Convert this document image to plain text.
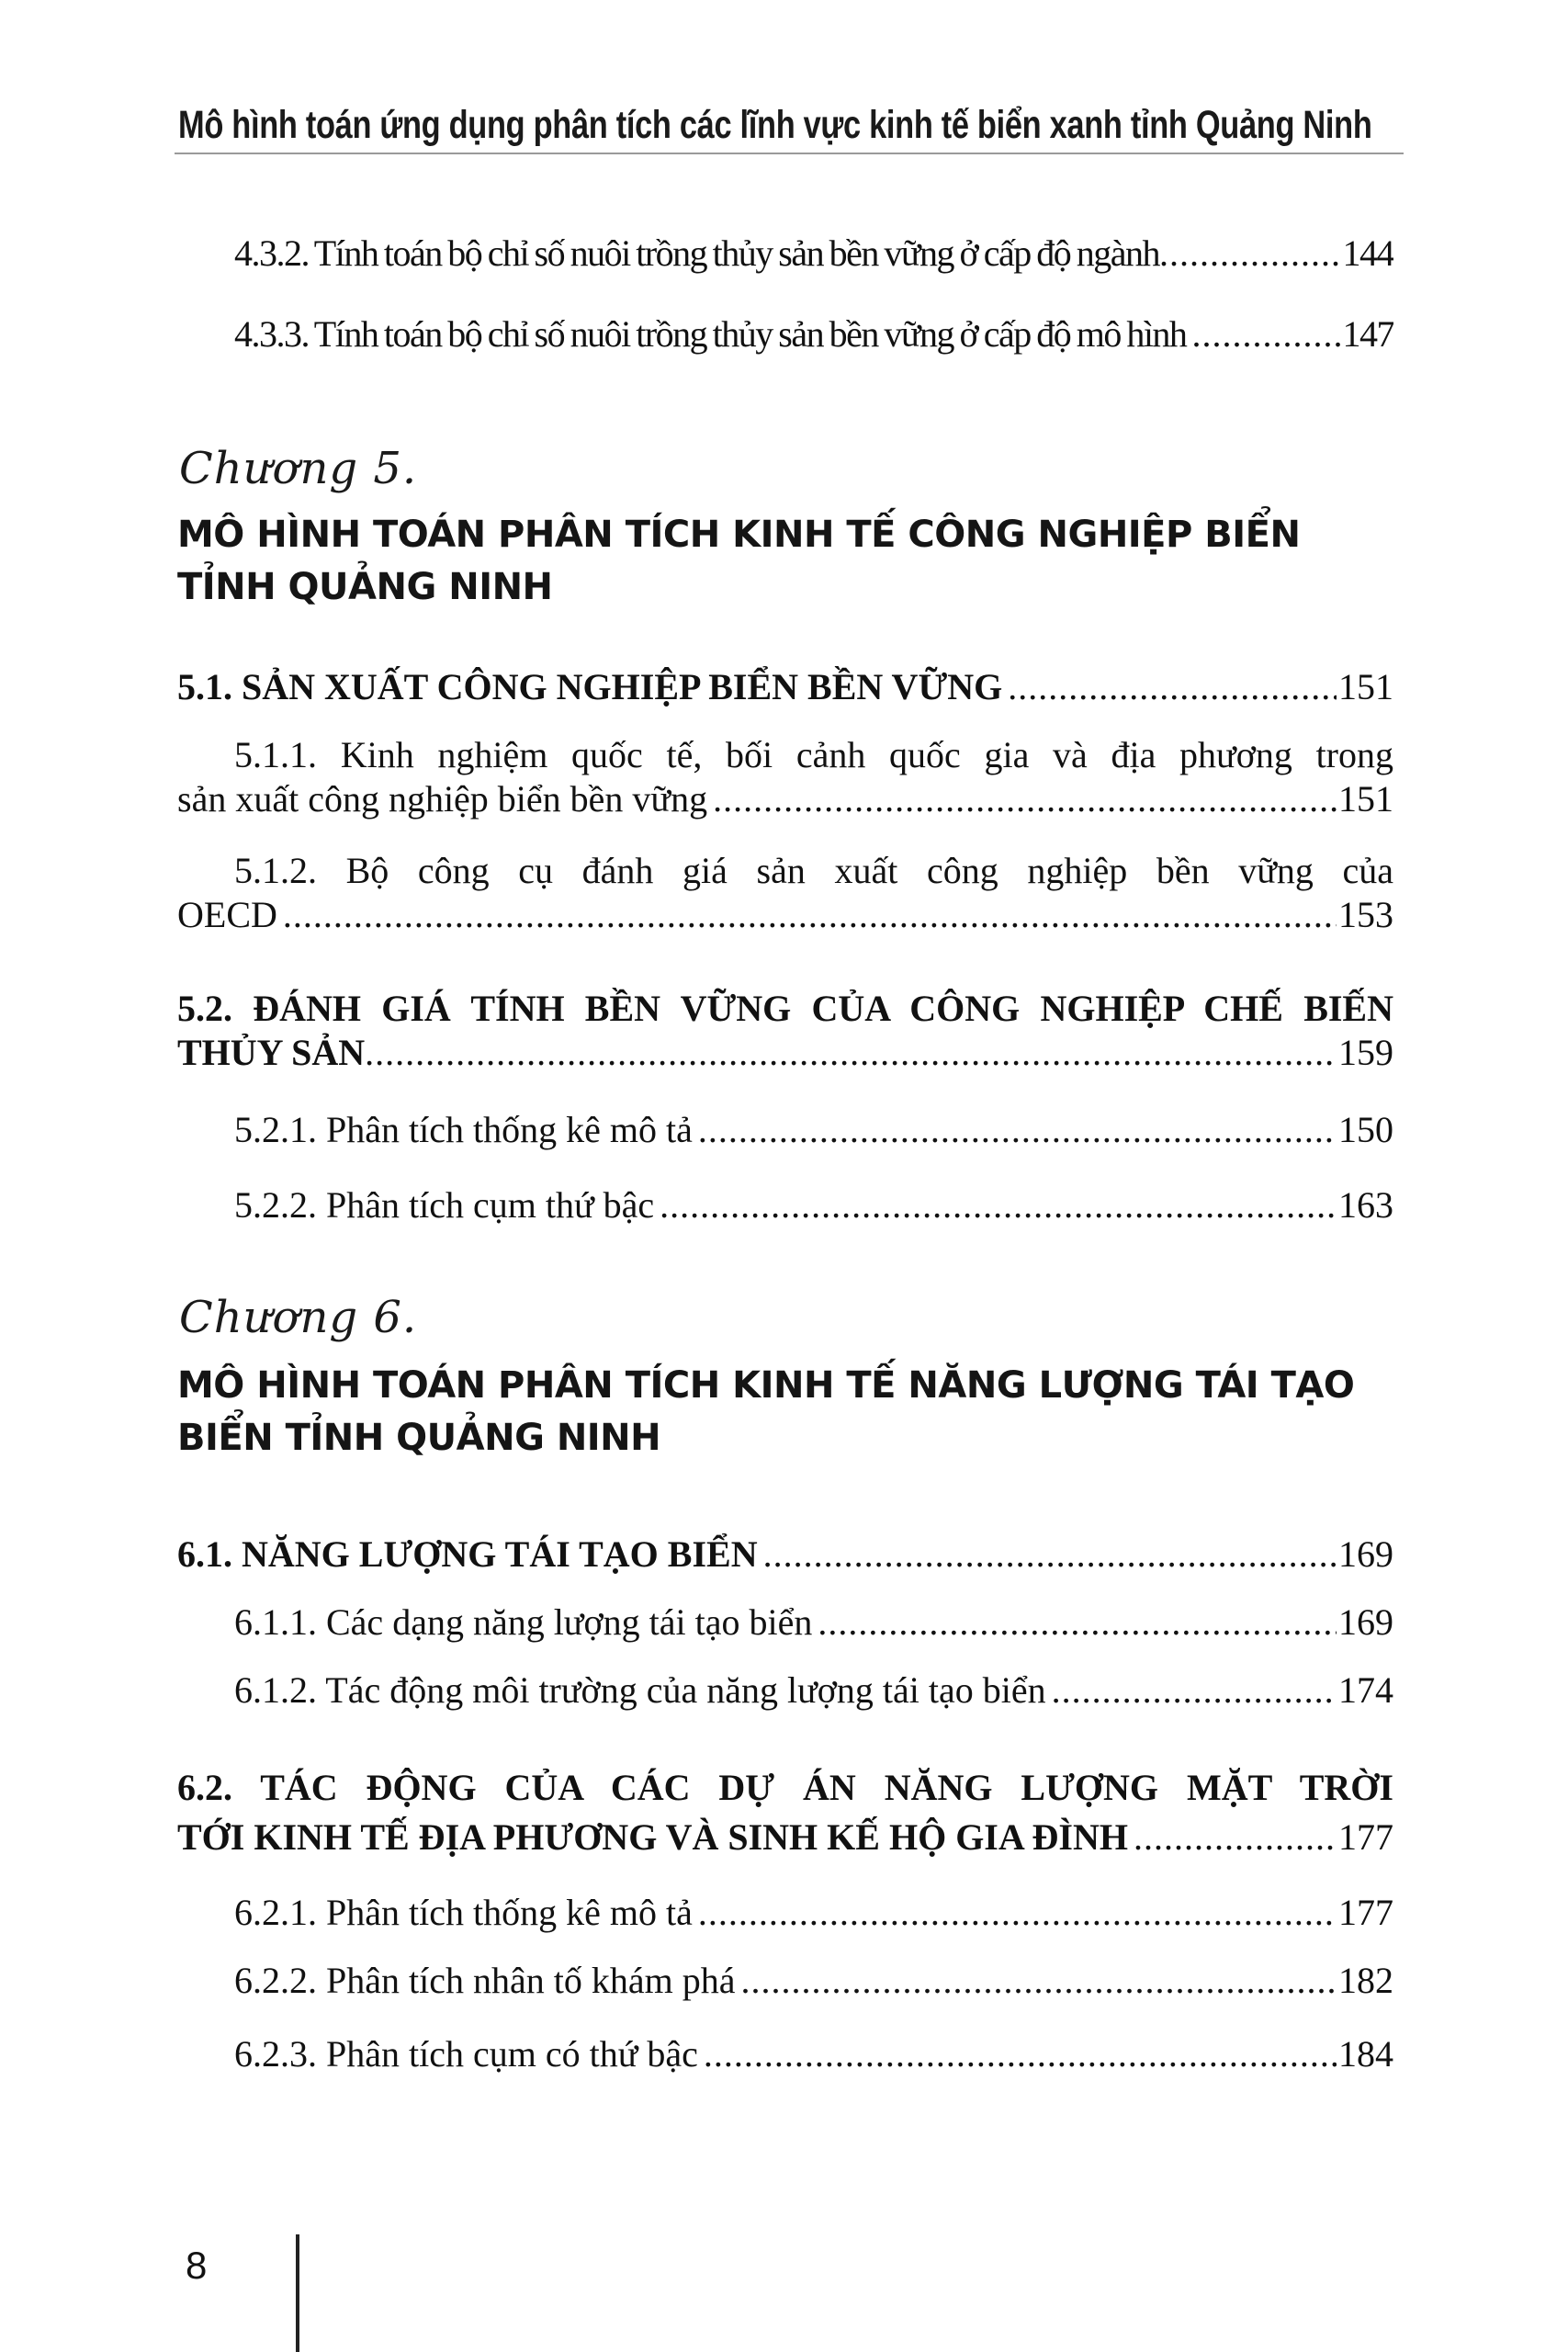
Mô hình toán ứng dụng phân tích các lĩnh vực kinh tế biển xanh tỉnh Quảng Ninh
4.3.2. Tính toán bộ chỉ số nuôi trồng thủy sản bền vững ở cấp độ ngành .....	144
4.3.3. Tính toán bộ chỉ số nuôi trồng thủy sản bền vững ở cấp độ mô hình .....	147
Chương 5.
MÔ HÌNH TOÁN PHÂN TÍCH KINH TẾ CÔNG NGHIỆP BIỂN TỈNH QUẢNG NINH
5.1. SẢN XUẤT CÔNG NGHIỆP BIỂN BỀN VỮNG .....	151
5.1.1. Kinh nghiệm quốc tế, bối cảnh quốc gia và địa phương trong
sản xuất công nghiệp biển bền vững .....	151
5.1.2. Bộ công cụ đánh giá sản xuất công nghiệp bền vững của
OECD .....	153
5.2. ĐÁNH GIÁ TÍNH BỀN VỮNG CỦA CÔNG NGHIỆP CHẾ BIẾN
THỦY SẢN .....	159
5.2.1. Phân tích thống kê mô tả .....	150
5.2.2. Phân tích cụm thứ bậc .....	163
Chương 6.
MÔ HÌNH TOÁN PHÂN TÍCH KINH TẾ NĂNG LƯỢNG TÁI TẠO BIỂN TỈNH QUẢNG NINH
6.1. NĂNG LƯỢNG TÁI TẠO BIỂN .....	169
6.1.1. Các dạng năng lượng tái tạo biển .....	169
6.1.2. Tác động môi trường của năng lượng tái tạo biển .....	174
6.2. TÁC ĐỘNG CỦA CÁC DỰ ÁN NĂNG LƯỢNG MẶT TRỜI
TỚI KINH TẾ ĐỊA PHƯƠNG VÀ SINH KẾ HỘ GIA ĐÌNH .....	177
6.2.1. Phân tích thống kê mô tả .....	177
6.2.2. Phân tích nhân tố khám phá .....	182
6.2.3. Phân tích cụm có thứ bậc .....	184
8
